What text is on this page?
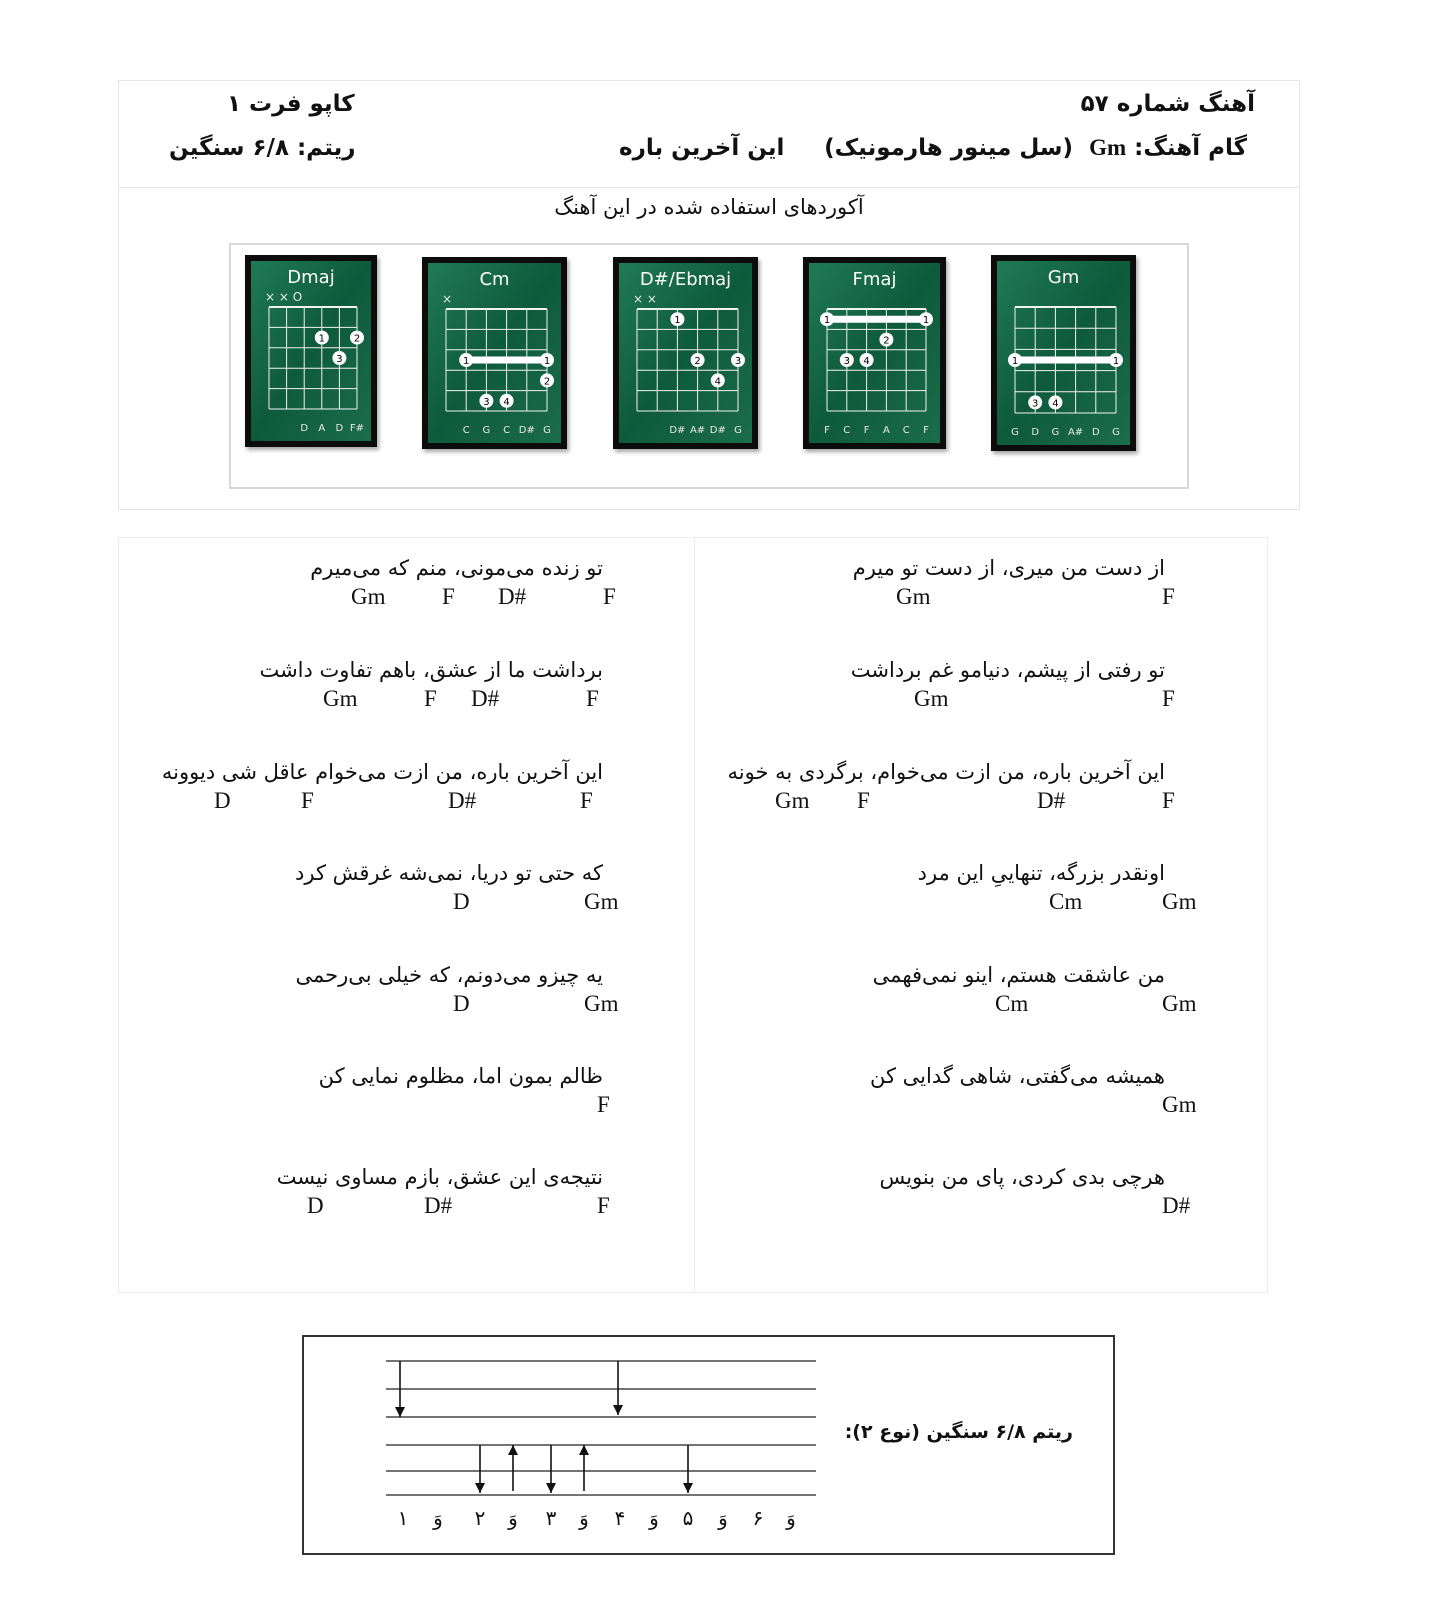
آهنگ شماره ۵۷
کاپو فرت ۱
گام آهنگ: Gm (سل مینور هارمونیک)
این آخرین باره
ریتم: ۶/۸ سنگین
آکوردهای استفاده شده در این آهنگ
Dmaj
× × O
1	2
3
D A D F#
Cm
×
1	1
2
3 4
C G C D# G
D#/Ebmaj
× ×
1
2	3
4
D# A# D# G
Fmaj
1	1
2
3 4
F C F A C F
Gm
1	1
3 4
G D G A# D G
از دست من میری، از دست تو میرم
F
Gm
تو رفتی از پیشم، دنیامو غم برداشت
F
Gm
این آخرین باره، من ازت می‌خوام، برگردی به خونه
F
D#
F
Gm
اونقدر بزرگه، تنهاییِ این مرد
Gm
Cm
من عاشقت هستم، اینو نمی‌فهمی
Gm
Cm
همیشه می‌گفتی، شاهی گدایی کن
Gm
هرچی بدی کردی، پای من بنویس
D#
تو زنده می‌مونی، منم که می‌میرم
Gm F D#	F
برداشت ما از عشق، باهم تفاوت داشت
Gm	F D#	F
این آخرین باره، من ازت می‌خوام عاقل شی دیوونه
D	F	D#	F
که حتی تو دریا، نمی‌شه غرقش کرد
D	Gm
یه چیزو می‌دونم، که خیلی بی‌رحمی
D	Gm
ظالم بمون اما، مظلوم نمایی کن
F
نتیجه‌ی این عشق، بازم مساوی نیست
D	D#	F
۱ وَ ۲ وَ ۳ وَ ۴ وَ ۵ وَ ۶ وَ
ریتم ۶/۸ سنگین (نوع ۲):
